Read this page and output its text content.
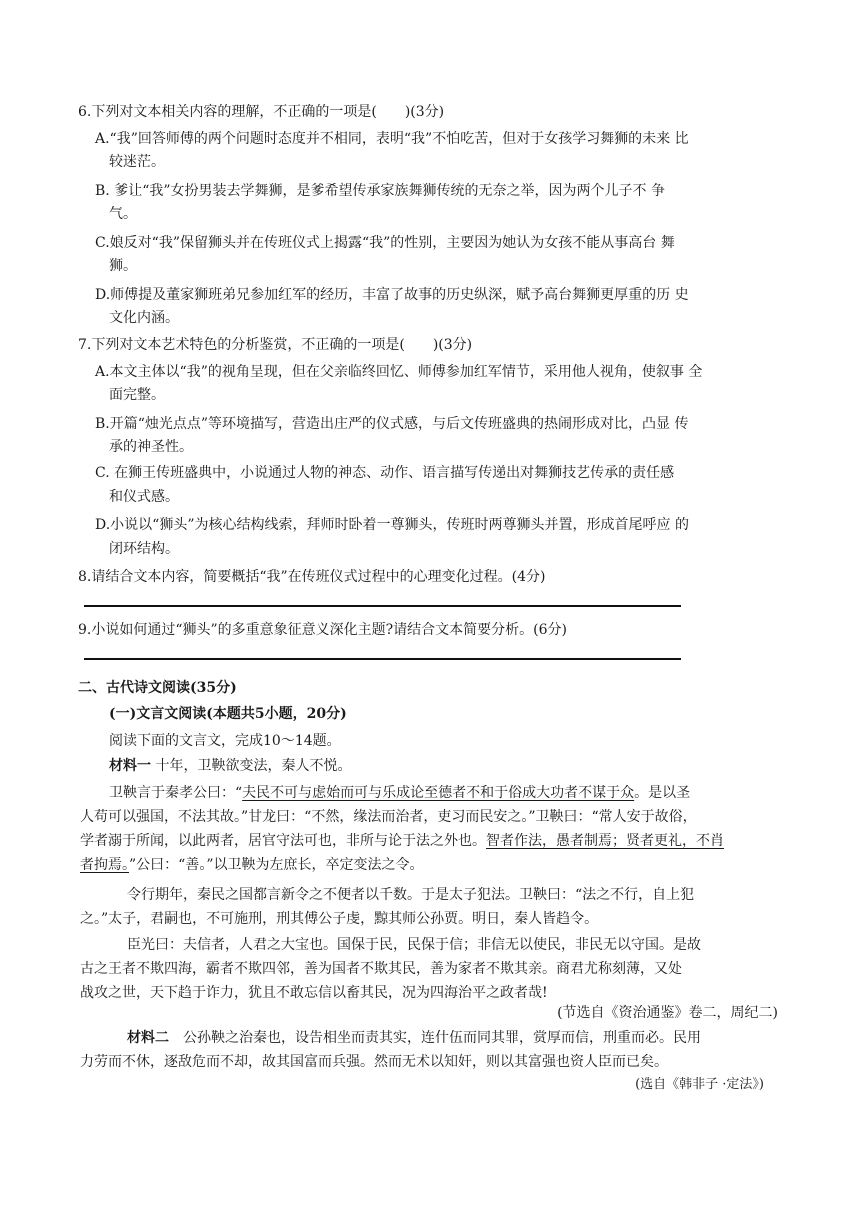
6.下列对文本相关内容的理解，不正确的一项是(　　)(3分)
A.“我”回答师傅的两个问题时态度并不相同，表明“我”不怕吃苦，但对于女孩学习舞狮的未来 比
较迷茫。
B. 爹让“我”女扮男装去学舞狮，是爹希望传承家族舞狮传统的无奈之举，因为两个儿子不 争
气。
C.娘反对“我”保留狮头并在传班仪式上揭露“我”的性别，主要因为她认为女孩不能从事高台 舞
狮。
D.师傅提及董家狮班弟兄参加红军的经历，丰富了故事的历史纵深，赋予高台舞狮更厚重的历 史
文化内涵。
7.下列对文本艺术特色的分析鉴赏，不正确的一项是(　　)(3分)
A.本文主体以“我”的视角呈现，但在父亲临终回忆、师傅参加红军情节，采用他人视角，使叙事 全
面完整。
B.开篇“烛光点点”等环境描写，营造出庄严的仪式感，与后文传班盛典的热闹形成对比，凸显 传
承的神圣性。
C. 在狮王传班盛典中，小说通过人物的神态、动作、语言描写传递出对舞狮技艺传承的责任感
和仪式感。
D.小说以“狮头”为核心结构线索，拜师时卧着一尊狮头，传班时两尊狮头并置，形成首尾呼应 的
闭环结构。
8.请结合文本内容，简要概括“我”在传班仪式过程中的心理变化过程。(4分)
9.小说如何通过“狮头”的多重意象征意义深化主题?请结合文本简要分析。(6分)
二、古代诗文阅读(35分)
(一)文言文阅读(本题共5小题，20分)
阅读下面的文言文，完成10～14题。
材料一 十年，卫鞅欲变法，秦人不悦。
卫鞅言于秦孝公曰：“夫民不可与虑始而可与乐成论至德者不和于俗成大功者不谋于众。是以圣
人苟可以强国，不法其故。”甘龙曰：“不然，缘法而治者，吏习而民安之。”卫鞅曰：“常人安于故俗，
学者溺于所闻，以此两者，居官守法可也，非所与论于法之外也。智者作法，愚者制焉；贤者更礼，不肖
者拘焉。”公曰：“善。”以卫鞅为左庶长，卒定变法之令。
令行期年，秦民之国都言新令之不便者以千数。于是太子犯法。卫鞅曰：“法之不行，自上犯
之。”太子，君嗣也，不可施刑，刑其傅公子虔，黥其师公孙贾。明日，秦人皆趋令。
臣光曰：夫信者，人君之大宝也。国保于民，民保于信；非信无以使民，非民无以守国。是故
古之王者不欺四海，霸者不欺四邻，善为国者不欺其民，善为家者不欺其亲。商君尤称刻薄，又处
战攻之世，天下趋于诈力，犹且不敢忘信以畜其民，况为四海治平之政者哉!
(节选自《资治通鉴》卷二，周纪二)
材料二　公孙鞅之治秦也，设告相坐而责其实，连什伍而同其罪，赏厚而信，刑重而必。民用
力劳而不休，逐敌危而不却，故其国富而兵强。然而无术以知奸，则以其富强也资人臣而已矣。
(选自《韩非子 ·定法》)
